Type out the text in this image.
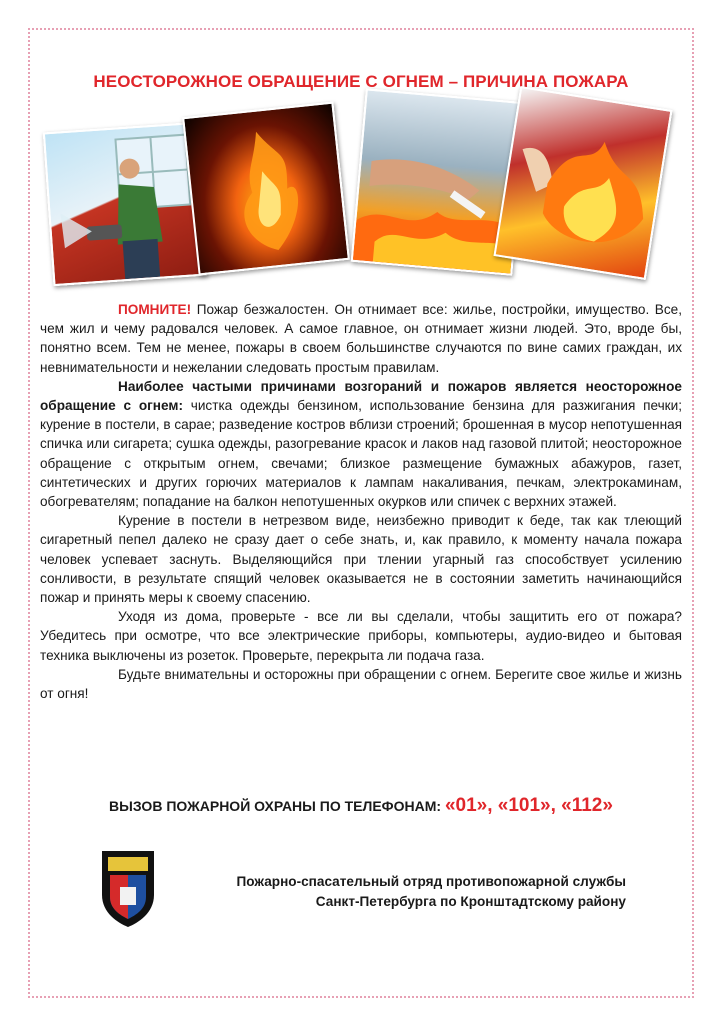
НЕОСТОРОЖНОЕ ОБРАЩЕНИЕ С ОГНЕМ – ПРИЧИНА ПОЖАРА

ПОМНИТЕ! Пожар безжалостен. Он отнимает все: жилье, постройки, имущество. Все, чем жил и чему радовался человек. А самое главное, он отнимает жизни людей. Это, вроде бы, понятно всем. Тем не менее, пожары в своем большинстве случаются по вине самих граждан, их невнимательности и нежелании следовать простым правилам.

Наиболее частыми причинами возгораний и пожаров является неосторожное обращение с огнем: чистка одежды бензином, использование бензина для разжигания печки; курение в постели, в сарае; разведение костров вблизи строений; брошенная в мусор непотушенная спичка или сигарета; сушка одежды, разогревание красок и лаков над газовой плитой; неосторожное обращение с открытым огнем, свечами; близкое размещение бумажных абажуров, газет, синтетических и других горючих материалов к лампам накаливания, печкам, электрокаминам, обогревателям; попадание на балкон непотушенных окурков или спичек с верхних этажей.

Курение в постели в нетрезвом виде, неизбежно приводит к беде, так как тлеющий сигаретный пепел далеко не сразу дает о себе знать, и, как правило, к моменту начала пожара человек успевает заснуть. Выделяющийся при тлении угарный газ способствует усилению сонливости, в результате спящий человек оказывается не в состоянии заметить начинающийся пожар и принять меры к своему спасению.

Уходя из дома, проверьте - все ли вы сделали, чтобы защитить его от пожара? Убедитесь при осмотре, что все электрические приборы, компьютеры, аудио-видео и бытовая техника выключены из розеток. Проверьте, перекрыта ли подача газа.

Будьте внимательны и осторожны при обращении с огнем. Берегите свое жилье и жизнь от огня!

ВЫЗОВ ПОЖАРНОЙ ОХРАНЫ ПО ТЕЛЕФОНАМ: «01», «101», «112»
Пожарно-спасательный отряд противопожарной службы
Санкт-Петербурга по Кронштадтскому району
